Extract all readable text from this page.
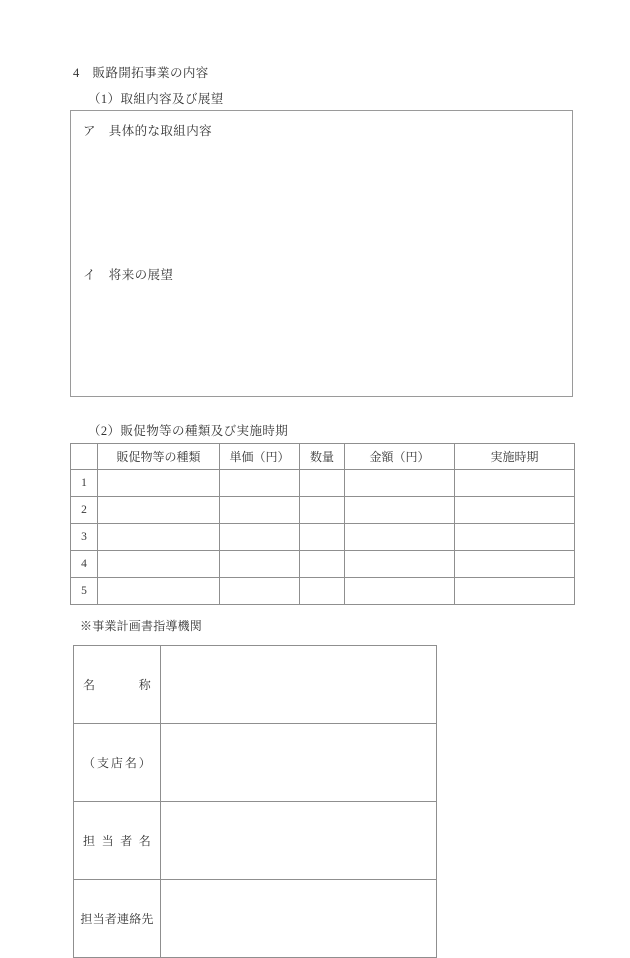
4　販路開拓事業の内容
（1）取組内容及び展望
ア　具体的な取組内容
イ　将来の展望
（2）販促物等の種類及び実施時期
	販促物等の種類	単価（円）	数量	金額（円）	実施時期
1					
2					
3					
4					
5					
※事業計画書指導機関

名称	

（支店名）	

担当者名	

担当者連絡先	
